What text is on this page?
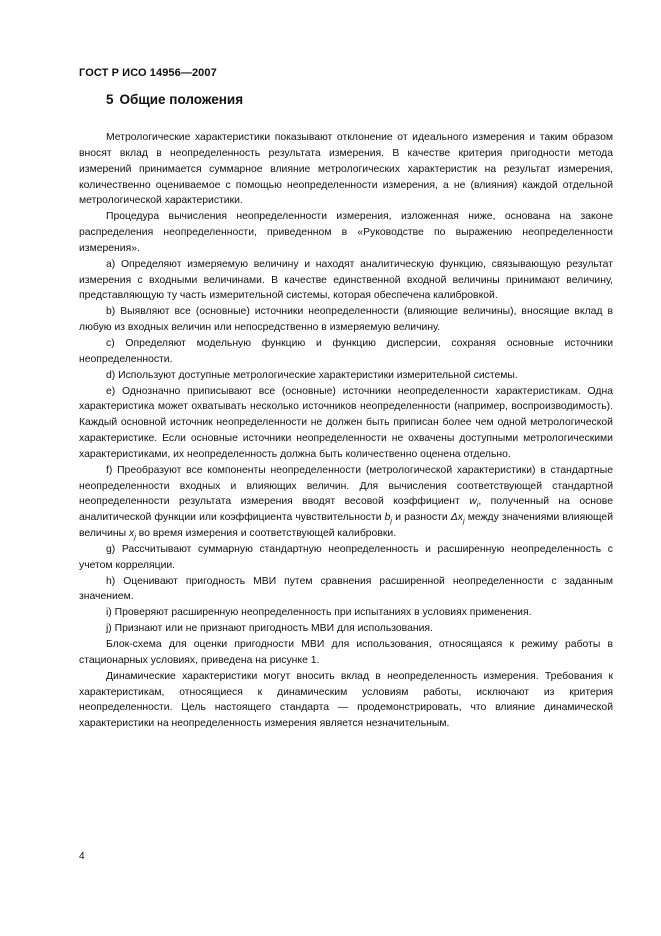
ГОСТ Р ИСО 14956—2007
5 Общие положения

Метрологические характеристики показывают отклонение от идеального измерения и таким образом вносят вклад в неопределенность результата измерения. В качестве критерия пригодности метода измерений принимается суммарное влияние метрологических характеристик на результат измерения, количественно оцениваемое с помощью неопределенности измерения, а не (влияния) каждой отдельной метрологической характеристики.

Процедура вычисления неопределенности измерения, изложенная ниже, основана на законе распределения неопределенности, приведенном в «Руководстве по выражению неопределенности измерения».

а) Определяют измеряемую величину и находят аналитическую функцию, связывающую результат измерения с входными величинами. В качестве единственной входной величины принимают величину, представляющую ту часть измерительной системы, которая обеспечена калибровкой.

b) Выявляют все (основные) источники неопределенности (влияющие величины), вносящие вклад в любую из входных величин или непосредственно в измеряемую величину.

c) Определяют модельную функцию и функцию дисперсии, сохраняя основные источники неопределенности.

d) Используют доступные метрологические характеристики измерительной системы.

е) Однозначно приписывают все (основные) источники неопределенности характеристикам. Одна характеристика может охватывать несколько источников неопределенности (например, воспроизводимость). Каждый основной источник неопределенности не должен быть приписан более чем одной метрологической характеристике. Если основные источники неопределенности не охвачены доступными метрологическими характеристиками, их неопределенность должна быть количественно оценена отдельно.

f) Преобразуют все компоненты неопределенности (метрологической характеристики) в стандартные неопределенности входных и влияющих величин. Для вычисления соответствующей стандартной неопределенности результата измерения вводят весовой коэффициент $w_i$, полученный на основе аналитической функции или коэффициента чувствительности $b_j$ и разности $\Delta x_j$ между значениями влияющей величины $x_j$ во время измерения и соответствующей калибровки.

g) Рассчитывают суммарную стандартную неопределенность и расширенную неопределенность с учетом корреляции.

h) Оценивают пригодность МВИ путем сравнения расширенной неопределенности с заданным значением.

i) Проверяют расширенную неопределенность при испытаниях в условиях применения.

j) Признают или не признают пригодность МВИ для использования.

Блок-схема для оценки пригодности МВИ для использования, относящаяся к режиму работы в стационарных условиях, приведена на рисунке 1.

Динамические характеристики могут вносить вклад в неопределенность измерения. Требования к характеристикам, относящиеся к динамическим условиям работы, исключают из критерия неопределенности. Цель настоящего стандарта — продемонстрировать, что влияние динамической характеристики на неопределенность измерения является незначительным.

4
